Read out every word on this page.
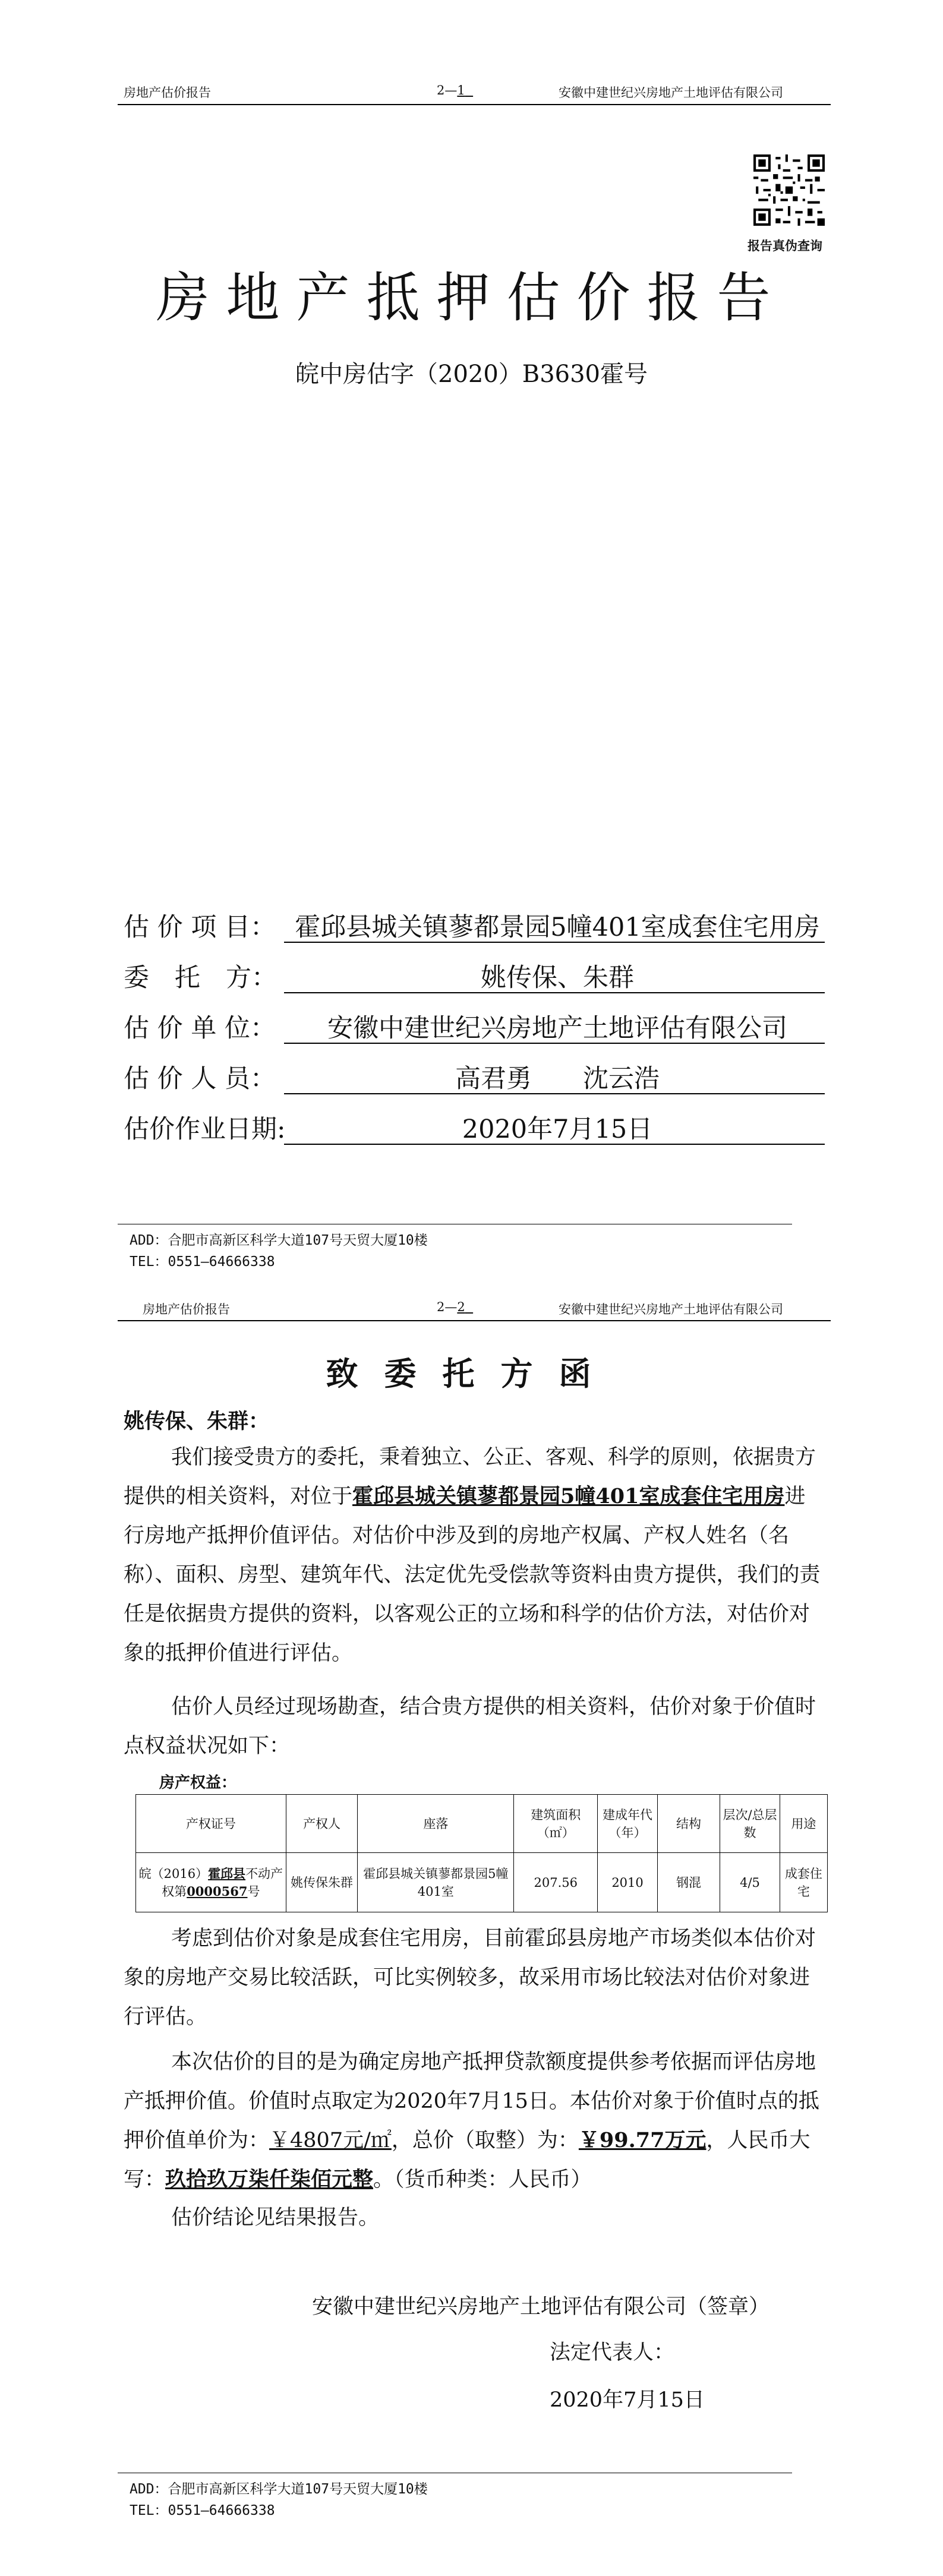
房地产估价报告	2—1	安徽中建世纪兴房地产土地评估有限公司
报告真伪查询
房地产抵押估价报告
皖中房估字（2020）B3630霍号
估 价 项 目： 霍邱县城关镇蓼都景园5幢401室成套住宅用房
委　托　方：	姚传保、朱群
估 价 单 位：	安徽中建世纪兴房地产土地评估有限公司
估 价 人 员：	高君勇　　沈云浩
估价作业日期:	2020年7月15日
ADD：合肥市高新区科学大道107号天贸大厦10楼
TEL：0551—64666338
房地产估价报告	2—2	安徽中建世纪兴房地产土地评估有限公司
致委托方函
姚传保、朱群：

我们接受贵方的委托，秉着独立、公正、客观、科学的原则，依据贵方提供的相关资料，对位于霍邱县城关镇蓼都景园5幢401室成套住宅用房进行房地产抵押价值评估。对估价中涉及到的房地产权属、产权人姓名（名称）、面积、房型、建筑年代、法定优先受偿款等资料由贵方提供，我们的责任是依据贵方提供的资料，以客观公正的立场和科学的估价方法，对估价对象的抵押价值进行评估。

估价人员经过现场勘查，结合贵方提供的相关资料，估价对象于价值时点权益状况如下：

房产权益：
产权证号	产权人	座落	建筑面积（㎡）	建成年代（年）	结构	层次/总层数	用途
皖（2016）霍邱县不动产权第0000567号	姚传保朱群	霍邱县城关镇蓼都景园5幢401室	207.56	2010	钢混	4/5	成套住宅

考虑到估价对象是成套住宅用房，目前霍邱县房地产市场类似本估价对象的房地产交易比较活跃，可比实例较多，故采用市场比较法对估价对象进行评估。

本次估价的目的是为确定房地产抵押贷款额度提供参考依据而评估房地产抵押价值。价值时点取定为2020年7月15日。本估价对象于价值时点的抵押价值单价为：￥4807元/㎡，总价（取整）为：￥99.77万元，人民币大写：玖拾玖万柒仟柒佰元整。（货币种类：人民币）

估价结论见结果报告。

安徽中建世纪兴房地产土地评估有限公司（签章）
法定代表人：
2020年7月15日
ADD：合肥市高新区科学大道107号天贸大厦10楼
TEL：0551—64666338
